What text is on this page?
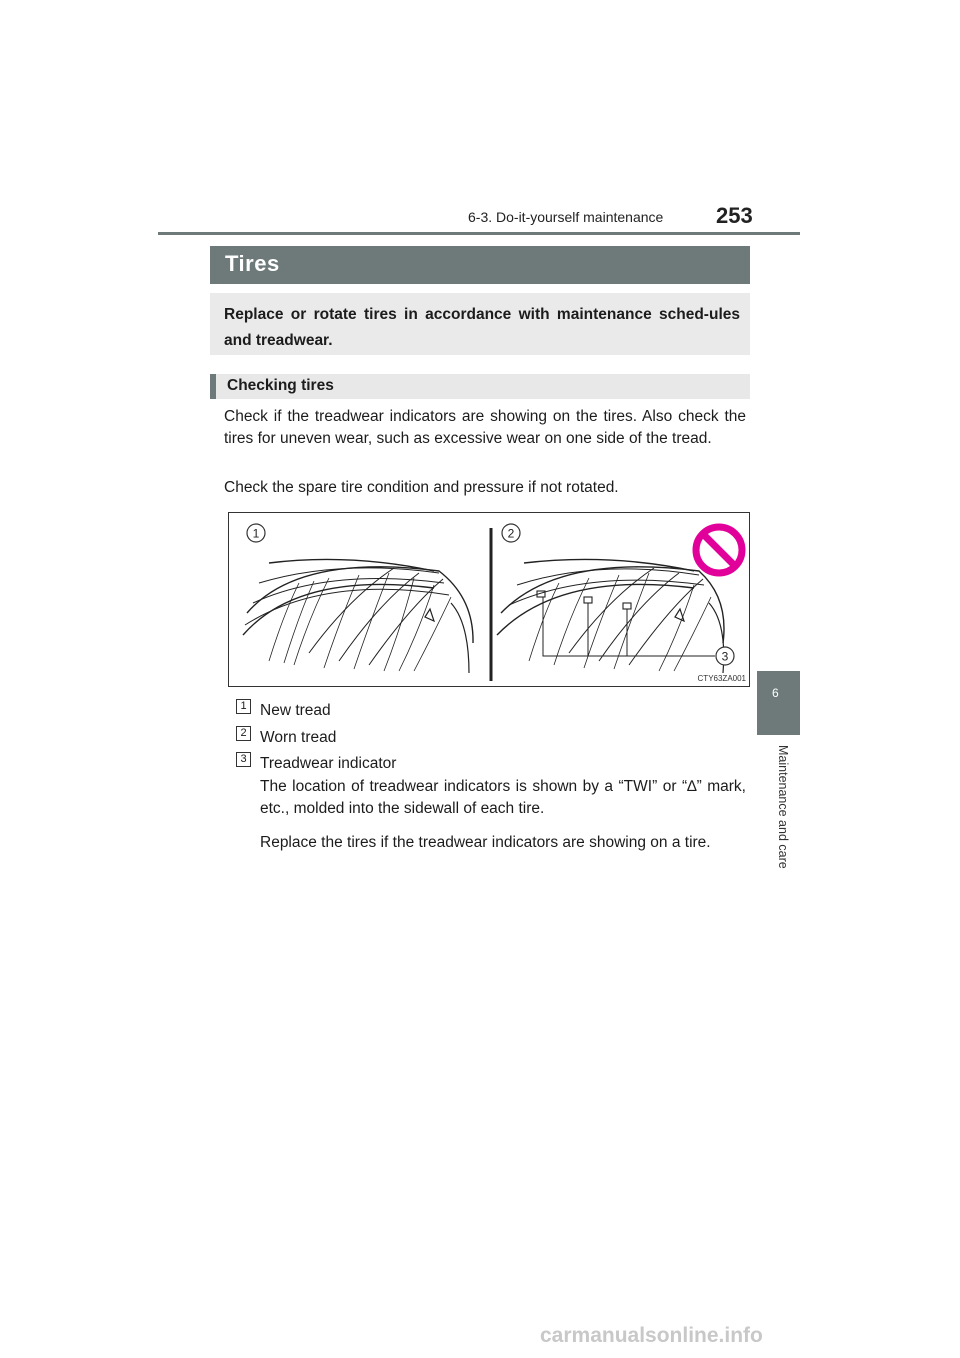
6-3. Do-it-yourself maintenance 253
6
Maintenance and care
Tires
Replace or rotate tires in accordance with maintenance sched-ules and treadwear.
Checking tires
Check if the treadwear indicators are showing on the tires. Also check the tires for uneven wear, such as excessive wear on one side of the tread.
Check the spare tire condition and pressure if not rotated.
1	2
3
CTY63ZA001
1 New tread
2 Worn tread
3 Treadwear indicator
The location of treadwear indicators is shown by a “TWI” or “∆” mark, etc., molded into the sidewall of each tire.
Replace the tires if the treadwear indicators are showing on a tire.
carmanualsonline.info
